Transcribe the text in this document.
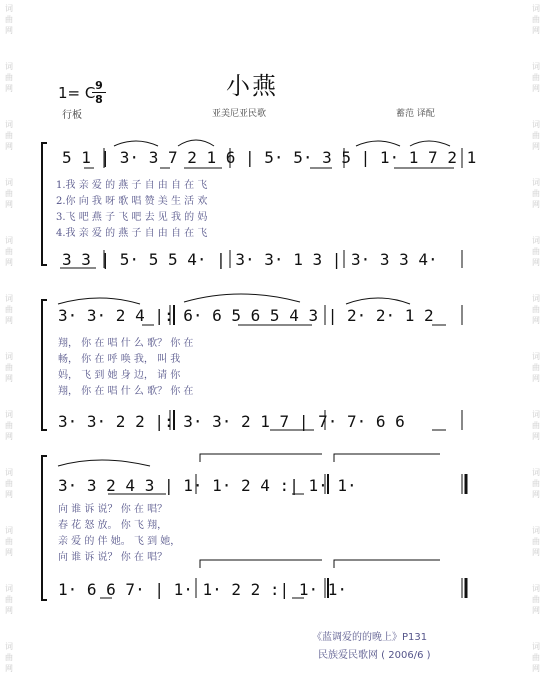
词
曲
网
词
曲
网
词
曲
网
词
曲
网
词
曲
网
词
曲
网
词
曲
网
词
曲
网
词
曲
网
词
曲
网
词
曲
网
词
曲
网
词
曲
网
词
曲
网
词
曲
网
词
曲
网
词
曲
网
词
曲
网
词
曲
网
词
曲
网
词
曲
网
词
曲
网
词
曲
网
词
曲
网
1= C 9
8	小燕
行板	亚美尼亚民歌	蓄范 译配
5 1 | 3· 3 7 2 1 6 | 5· 5· 3 5 | 1· 1 7 2 1
1.我 亲 爱 的 燕 子 自 由 自 在 飞
2.你 向 我 呀 歌 唱 赞 美 生 活 欢
3.飞 吧 燕 子 飞 吧 去 见 我 的 妈
4.我 亲 爱 的 燕 子 自 由 自 在 飞
3 3 | 5· 5 5 4· | 3· 3· 1 3 | 3· 3 3 4·
3· 3· 2 4 |: 6· 6 5 6 5 4 3 | 2· 2· 1 2
翔， 你 在 唱 什 么 歌？ 你 在
畅， 你 在 呼 唤 我， 叫 我
妈， 飞 到 她 身 边， 请 你
翔， 你 在 唱 什 么 歌？ 你 在
3· 3· 2 2 |: 3· 3· 2 1 7 | 7· 7· 6 6
3· 3 2 4 3 | 1· 1· 2 4 :| 1· 1·
向 谁 诉 说？ 你 在 唱？
春 花 怒 放。 你 飞 翔，
亲 爱 的 伴 她。 飞 到 她，
向 谁 诉 说？ 你 在 唱？
1· 6 6 7· | 1· 1· 2 2 :| 1· 1·
《蓝调爱的的晚上》P131
民族爱民歌网 ( 2006/6 )
